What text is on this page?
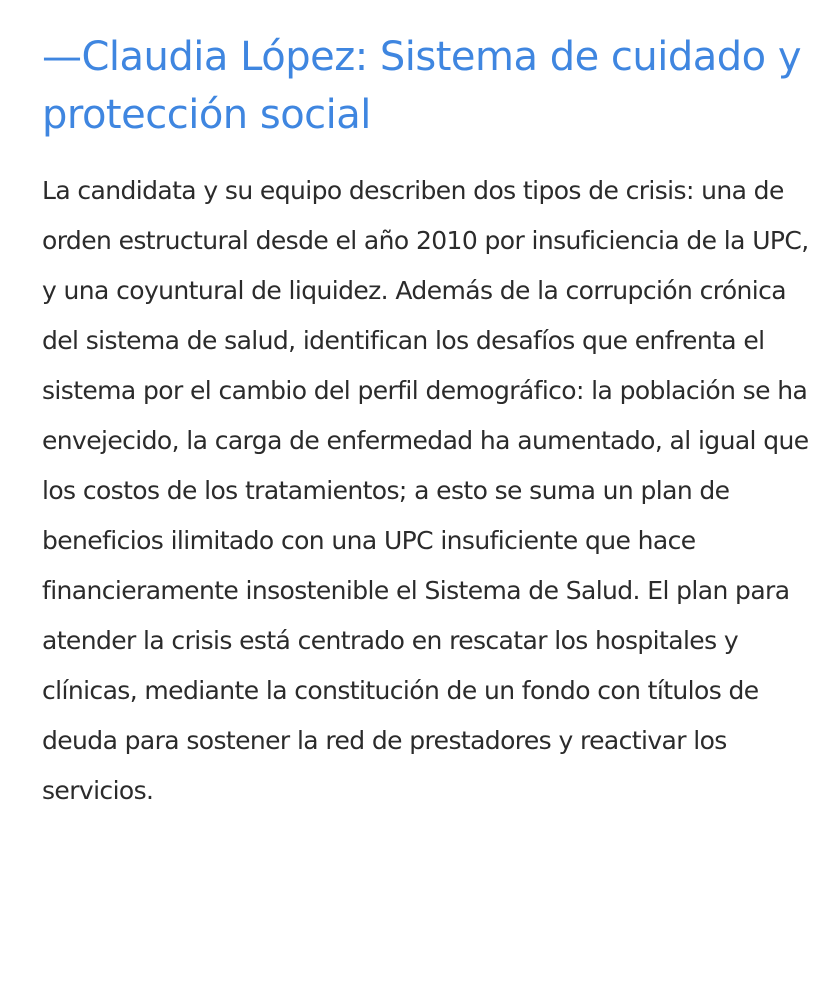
—Claudia López: Sistema de cuidado y protección social

La candidata y su equipo describen dos tipos de crisis: una de orden estructural desde el año 2010 por insuficiencia de la UPC, y una coyuntural de liquidez. Además de la corrupción crónica del sistema de salud, identifican los desafíos que enfrenta el sistema por el cambio del perfil demográfico: la población se ha envejecido, la carga de enfermedad ha aumentado, al igual que los costos de los tratamientos; a esto se suma un plan de beneficios ilimitado con una UPC insuficiente que hace financieramente insostenible el Sistema de Salud. El plan para atender la crisis está centrado en rescatar los hospitales y clínicas, mediante la constitución de un fondo con títulos de deuda para sostener la red de prestadores y reactivar los servicios.
